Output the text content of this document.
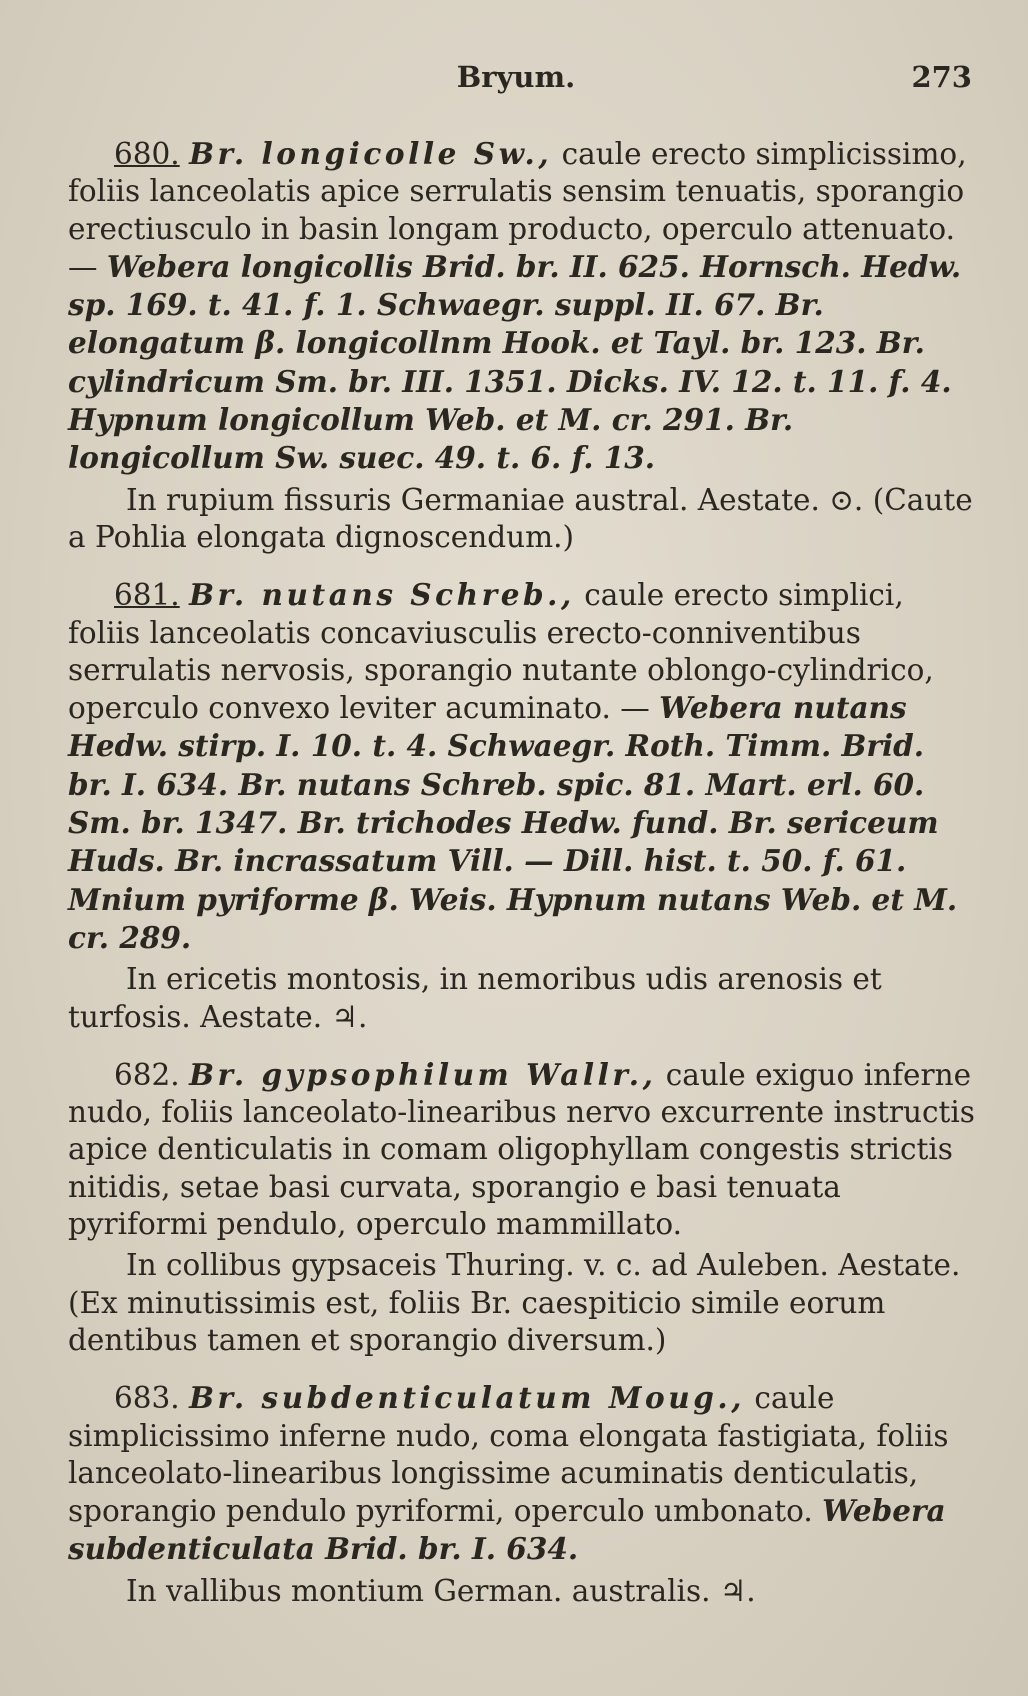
Bryum.	273

680. Br. longicolle Sw., caule erecto simplicissimo, foliis lanceolatis apice serrulatis sensim tenuatis, sporangio erectiusculo in basin longam producto, operculo attenuato. — Webera longicollis Brid. br. II. 625. Hornsch. Hedw. sp. 169. t. 41. f. 1. Schwaegr. suppl. II. 67. Br. elongatum β. longicollnm Hook. et Tayl. br. 123. Br. cylindricum Sm. br. III. 1351. Dicks. IV. 12. t. 11. f. 4. Hypnum longicollum Web. et M. cr. 291. Br. longicollum Sw. suec. 49. t. 6. f. 13.

In rupium fissuris Germaniae austral. Aestate. ⊙. (Caute a Pohlia elongata dignoscendum.)

681. Br. nutans Schreb., caule erecto simplici, foliis lanceolatis concaviusculis erecto-conniventibus serrulatis nervosis, sporangio nutante oblongo-cylindrico, operculo convexo leviter acuminato. — Webera nutans Hedw. stirp. I. 10. t. 4. Schwaegr. Roth. Timm. Brid. br. I. 634. Br. nutans Schreb. spic. 81. Mart. erl. 60. Sm. br. 1347. Br. trichodes Hedw. fund. Br. sericeum Huds. Br. incrassatum Vill. — Dill. hist. t. 50. f. 61. Mnium pyriforme β. Weis. Hypnum nutans Web. et M. cr. 289.

In ericetis montosis, in nemoribus udis arenosis et turfosis. Aestate. ♃.

682. Br. gypsophilum Wallr., caule exiguo inferne nudo, foliis lanceolato-linearibus nervo excurrente instructis apice denticulatis in comam oligophyllam congestis strictis nitidis, setae basi curvata, sporangio e basi tenuata pyriformi pendulo, operculo mammillato.

In collibus gypsaceis Thuring. v. c. ad Auleben. Aestate. (Ex minutissimis est, foliis Br. caespiticio simile eorum dentibus tamen et sporangio diversum.)

683. Br. subdenticulatum Moug., caule simplicissimo inferne nudo, coma elongata fastigiata, foliis lanceolato-linearibus longissime acuminatis denticulatis, sporangio pendulo pyriformi, operculo umbonato. Webera subdenticulata Brid. br. I. 634.

In vallibus montium German. australis. ♃.
